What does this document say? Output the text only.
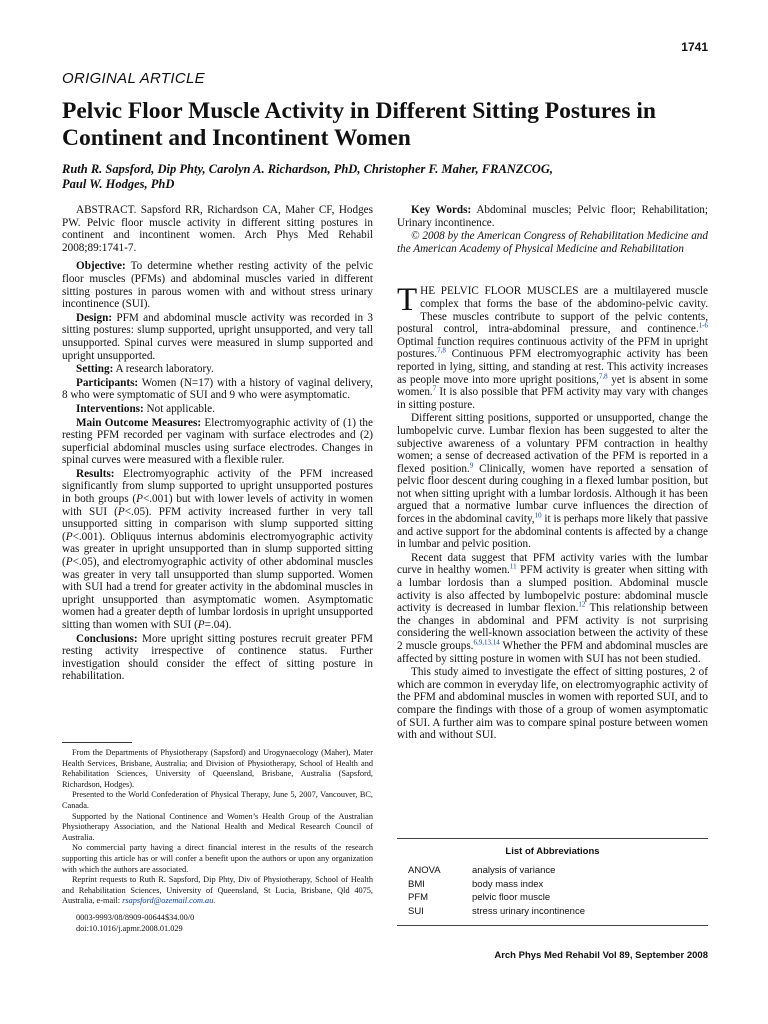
1741
ORIGINAL ARTICLE
Pelvic Floor Muscle Activity in Different Sitting Postures in Continent and Incontinent Women
Ruth R. Sapsford, Dip Phty, Carolyn A. Richardson, PhD, Christopher F. Maher, FRANZCOG,
Paul W. Hodges, PhD

ABSTRACT. Sapsford RR, Richardson CA, Maher CF, Hodges PW. Pelvic floor muscle activity in different sitting postures in continent and incontinent women. Arch Phys Med Rehabil 2008;89:1741-7.

Objective: To determine whether resting activity of the pelvic floor muscles (PFMs) and abdominal muscles varied in different sitting postures in parous women with and without stress urinary incontinence (SUI).

Design: PFM and abdominal muscle activity was recorded in 3 sitting postures: slump supported, upright unsupported, and very tall unsupported. Spinal curves were measured in slump supported and upright unsupported.

Setting: A research laboratory.

Participants: Women (N=17) with a history of vaginal delivery, 8 who were symptomatic of SUI and 9 who were asymptomatic.

Interventions: Not applicable.

Main Outcome Measures: Electromyographic activity of (1) the resting PFM recorded per vaginam with surface electrodes and (2) superficial abdominal muscles using surface electrodes. Changes in spinal curves were measured with a flexible ruler.

Results: Electromyographic activity of the PFM increased significantly from slump supported to upright unsupported postures in both groups (P<.001) but with lower levels of activity in women with SUI (P<.05). PFM activity increased further in very tall unsupported sitting in comparison with slump supported sitting (P<.001). Obliquus internus abdominis electromyographic activity was greater in upright unsupported than in slump supported sitting (P<.05), and electromyographic activity of other abdominal muscles was greater in very tall unsupported than slump supported. Women with SUI had a trend for greater activity in the abdominal muscles in upright unsupported than asymptomatic women. Asymptomatic women had a greater depth of lumbar lordosis in upright unsupported sitting than women with SUI (P=.04).

Conclusions: More upright sitting postures recruit greater PFM resting activity irrespective of continence status. Further investigation should consider the effect of sitting posture in rehabilitation.

Key Words: Abdominal muscles; Pelvic floor; Rehabilitation; Urinary incontinence.

© 2008 by the American Congress of Rehabilitation Medicine and the American Academy of Physical Medicine and Rehabilitation

THE PELVIC FLOOR MUSCLES are a multilayered muscle complex that forms the base of the abdomino-pelvic cavity. These muscles contribute to support of the pelvic contents, postural control, intra-abdominal pressure, and continence.$^{1-6}$ Optimal function requires continuous activity of the PFM in upright postures.$^{7,8}$ Continuous PFM electromyographic activity has been reported in lying, sitting, and standing at rest. This activity increases as people move into more upright positions,$^{7,8}$ yet is absent in some women.$^7$ It is also possible that PFM activity may vary with changes in sitting posture.

Different sitting positions, supported or unsupported, change the lumbopelvic curve. Lumbar flexion has been suggested to alter the subjective awareness of a voluntary PFM contraction in healthy women; a sense of decreased activation of the PFM is reported in a flexed position.$^9$ Clinically, women have reported a sensation of pelvic floor descent during coughing in a flexed lumbar position, but not when sitting upright with a lumbar lordosis. Although it has been argued that a normative lumbar curve influences the direction of forces in the abdominal cavity,$^{10}$ it is perhaps more likely that passive and active support for the abdominal contents is affected by a change in lumbar and pelvic position.

Recent data suggest that PFM activity varies with the lumbar curve in healthy women.$^{11}$ PFM activity is greater when sitting with a lumbar lordosis than a slumped position. Abdominal muscle activity is also affected by lumbopelvic posture: abdominal muscle activity is decreased in lumbar flexion.$^{12}$ This relationship between the changes in abdominal and PFM activity is not surprising considering the well-known association between the activity of these 2 muscle groups.$^{6,9,13,14}$ Whether the PFM and abdominal muscles are affected by sitting posture in women with SUI has not been studied.

This study aimed to investigate the effect of sitting postures, 2 of which are common in everyday life, on electromyographic activity of the PFM and abdominal muscles in women with reported SUI, and to compare the findings with those of a group of women asymptomatic of SUI. A further aim was to compare spinal posture between women with and without SUI.

From the Departments of Physiotherapy (Sapsford) and Urogynaecology (Maher), Mater Health Services, Brisbane, Australia; and Division of Physiotherapy, School of Health and Rehabilitation Sciences, University of Queensland, Brisbane, Australia (Sapsford, Richardson, Hodges).

Presented to the World Confederation of Physical Therapy, June 5, 2007, Vancouver, BC, Canada.

Supported by the National Continence and Women’s Health Group of the Australian Physiotherapy Association, and the National Health and Medical Research Council of Australia.

No commercial party having a direct financial interest in the results of the research supporting this article has or will confer a benefit upon the authors or upon any organization with which the authors are associated.

Reprint requests to Ruth R. Sapsford, Dip Phty, Div of Physiotherapy, School of Health and Rehabilitation Sciences, University of Queensland, St Lucia, Brisbane, Qld 4075, Australia, e-mail: rsapsford@ozemail.com.au.

0003-9993/08/8909-00644$34.00/0

doi:10.1016/j.apmr.2008.01.029

List of Abbreviations
ANOVA	analysis of variance
BMI	body mass index
PFM	pelvic floor muscle
SUI	stress urinary incontinence
Arch Phys Med Rehabil Vol 89, September 2008
